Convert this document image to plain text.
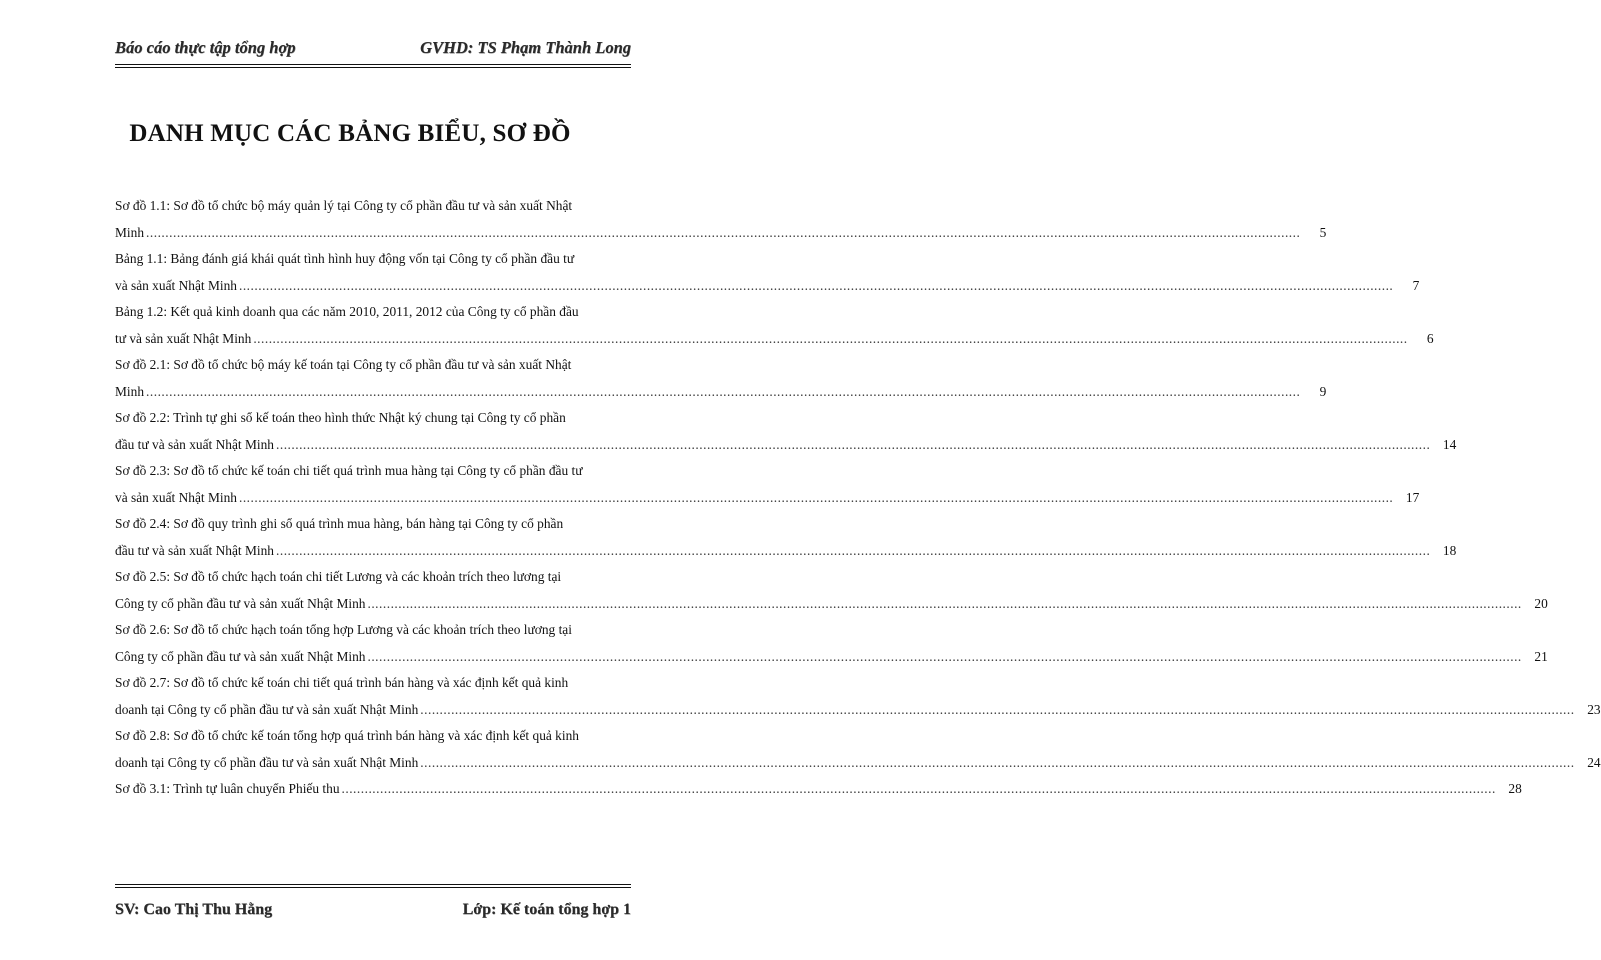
Báo cáo thực tập tổng hợp	GVHD: TS Phạm Thành Long
DANH MỤC CÁC BẢNG BIỂU, SƠ ĐỒ
Sơ đồ 1.1: Sơ đồ tổ chức bộ máy quản lý tại Công ty cổ phần đầu tư và sản xuất Nhật
Minh ............................................................................................................................................................................................................................................................................................................	5
Bảng 1.1: Bảng đánh giá khái quát tình hình huy động vốn tại Công ty cổ phần đầu tư
và sản xuất Nhật Minh ............................................................................................................................................................................................................................................................................................................	7
Bảng 1.2: Kết quả kinh doanh qua các năm 2010, 2011, 2012 của Công ty cổ phần đầu
tư và sản xuất Nhật Minh ............................................................................................................................................................................................................................................................................................................	6
Sơ đồ 2.1: Sơ đồ tổ chức bộ máy kế toán tại Công ty cổ phần đầu tư và sản xuất Nhật
Minh ............................................................................................................................................................................................................................................................................................................	9
Sơ đồ 2.2: Trình tự ghi sổ kế toán theo hình thức Nhật ký chung tại Công ty cổ phần
đầu tư và sản xuất Nhật Minh ............................................................................................................................................................................................................................................................................................................ 14
Sơ đồ 2.3: Sơ đồ tổ chức kế toán chi tiết quá trình mua hàng tại Công ty cổ phần đầu tư
và sản xuất Nhật Minh ............................................................................................................................................................................................................................................................................................................ 17
Sơ đồ 2.4: Sơ đồ quy trình ghi sổ quá trình mua hàng, bán hàng tại Công ty cổ phần
đầu tư và sản xuất Nhật Minh ............................................................................................................................................................................................................................................................................................................ 18
Sơ đồ 2.5: Sơ đồ tổ chức hạch toán chi tiết Lương và các khoản trích theo lương tại
Công ty cổ phần đầu tư và sản xuất Nhật Minh ............................................................................................................................................................................................................................................................................................................ 20
Sơ đồ 2.6: Sơ đồ tổ chức hạch toán tổng hợp Lương và các khoản trích theo lương tại
Công ty cổ phần đầu tư và sản xuất Nhật Minh ............................................................................................................................................................................................................................................................................................................ 21
Sơ đồ 2.7: Sơ đồ tổ chức kế toán chi tiết quá trình bán hàng và xác định kết quả kinh
doanh tại Công ty cổ phần đầu tư và sản xuất Nhật Minh ............................................................................................................................................................................................................................................................................................................ 23
Sơ đồ 2.8: Sơ đồ tổ chức kế toán tổng hợp quá trình bán hàng và xác định kết quả kinh
doanh tại Công ty cổ phần đầu tư và sản xuất Nhật Minh ............................................................................................................................................................................................................................................................................................................ 24
Sơ đồ 3.1: Trình tự luân chuyển Phiếu thu ............................................................................................................................................................................................................................................................................................................ 28
SV: Cao Thị Thu Hằng	Lớp: Kế toán tổng hợp 1
